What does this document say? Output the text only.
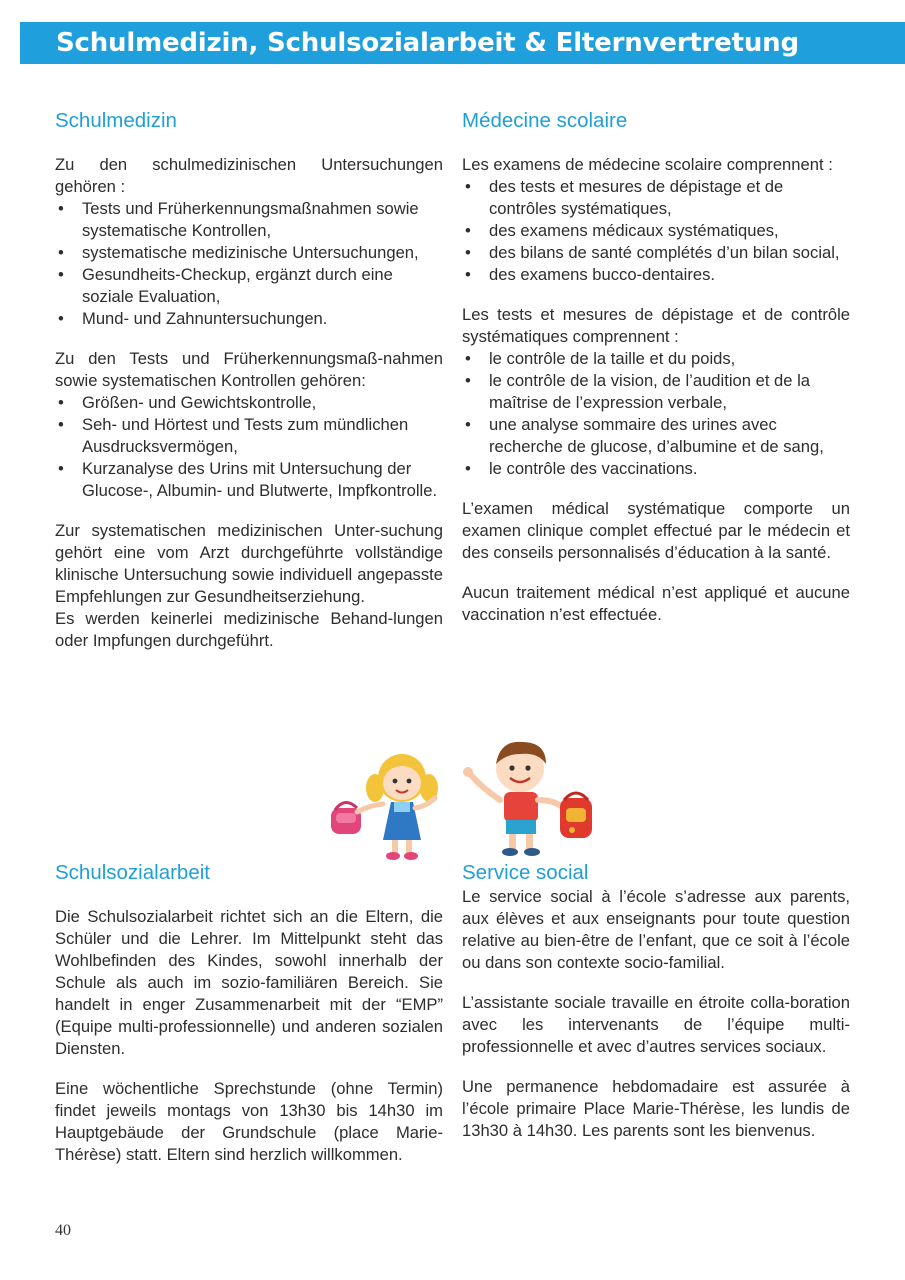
Schulmedizin, Schulsozialarbeit & Elternvertretung
Schulmedizin

Zu den schulmedizinischen Untersuchungen gehören :

• Tests und Früherkennungsmaßnahmen sowie systematische Kontrollen,
• systematische medizinische Untersuchungen,
• Gesundheits-Checkup, ergänzt durch eine soziale Evaluation,
• Mund- und Zahnuntersuchungen.

Zu den Tests und Früherkennungsmaß-nahmen sowie systematischen Kontrollen gehören:

• Größen- und Gewichtskontrolle,
• Seh- und Hörtest und Tests zum mündlichen Ausdrucksvermögen,
• Kurzanalyse des Urins mit Untersuchung der Glucose-, Albumin- und Blutwerte, Impfkontrolle.

Zur systematischen medizinischen Unter-suchung gehört eine vom Arzt durchgeführte vollständige klinische Untersuchung sowie individuell angepasste Empfehlungen zur Gesundheitserziehung.

Es werden keinerlei medizinische Behand-lungen oder Impfungen durchgeführt.

Médecine scolaire

Les examens de médecine scolaire comprennent :

• des tests et mesures de dépistage et de contrôles systématiques,
• des examens médicaux systématiques,
• des bilans de santé complétés d’un bilan social,
• des examens bucco-dentaires.

Les tests et mesures de dépistage et de contrôle systématiques comprennent :

• le contrôle de la taille et du poids,
• le contrôle de la vision, de l’audition et de la maîtrise de l’expression verbale,
• une analyse sommaire des urines avec recherche de glucose, d’albumine et de sang,
• le contrôle des vaccinations.

L’examen médical systématique comporte un examen clinique complet effectué par le médecin et des conseils personnalisés d’éducation à la santé.

Aucun traitement médical n’est appliqué et aucune vaccination n’est effectuée.

Schulsozialarbeit

Die Schulsozialarbeit richtet sich an die Eltern, die Schüler und die Lehrer. Im Mittelpunkt steht das Wohlbefinden des Kindes, sowohl innerhalb der Schule als auch im sozio-familiären Bereich. Sie handelt in enger Zusammenarbeit mit der “EMP” (Equipe multi-professionnelle) und anderen sozialen Diensten.

Eine wöchentliche Sprechstunde (ohne Termin) findet jeweils montags von 13h30 bis 14h30 im Hauptgebäude der Grundschule (place Marie-Thérèse) statt. Eltern sind herzlich willkommen.

Service social

Le service social à l’école s’adresse aux parents, aux élèves et aux enseignants pour toute question relative au bien-être de l’enfant, que ce soit à l’école ou dans son contexte socio-familial.

L’assistante sociale travaille en étroite colla-boration avec les intervenants de l’équipe multi-professionnelle et avec d’autres services sociaux.

Une permanence hebdomadaire est assurée à l’école primaire Place Marie-Thérèse, les lundis de 13h30 à 14h30. Les parents sont les bienvenus.

40
